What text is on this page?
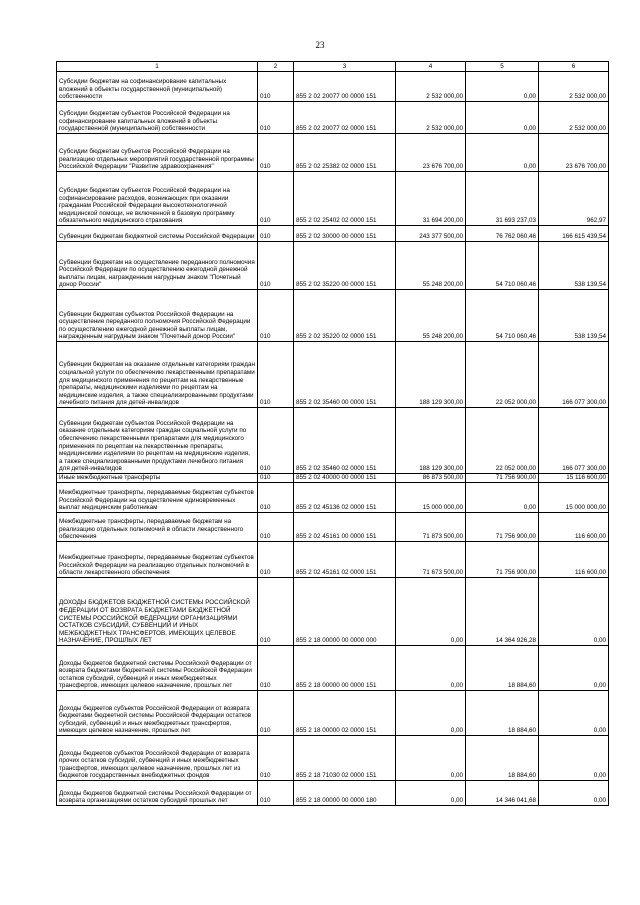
23
1	2	3	4	5	6
Субсидии бюджетам на софинансирование капитальных вложений в объекты государственной (муниципальной) собственности	010	855 2 02 20077 00 0000 151	2 532 000,00	0,00	2 532 000,00
Субсидии бюджетам субъектов Российской Федерации на софинансирование капитальных вложений в объекты государственной (муниципальной) собственности	010	855 2 02 20077 02 0000 151	2 532 000,00	0,00	2 532 000,00
Субсидии бюджетам субъектов Российской Федерации на реализацию отдельных мероприятий государственной программы Российской Федерации "Развитие здравоохранения"	010	855 2 02 25382 02 0000 151	23 676 700,00	0,00	23 676 700,00
Субсидии бюджетам субъектов Российской Федерации на софинансирование расходов, возникающих при оказании гражданам Российской Федерации высокотехнологичной медицинской помощи, не включенной в базовую программу обязательного медицинского страхования	010	855 2 02 25402 02 0000 151	31 694 200,00	31 693 237,03	962,97
Субвенции бюджетам бюджетной системы Российской Федерации	010	855 2 02 30000 00 0000 151	243 377 500,00	76 762 060,46	166 615 439,54
Субвенции бюджетам на осуществление переданного полномочия Российской Федерации по осуществлению ежегодной денежной выплаты лицам, награжденным нагрудным знаком "Почетный донор России"	010	855 2 02 35220 00 0000 151	55 248 200,00	54 710 060,46	538 139,54
Субвенции бюджетам субъектов Российской Федерации на осуществление переданного полномочия Российской Федерации по осуществлению ежегодной денежной выплаты лицам, награжденным нагрудным знаком "Почетный донор России"	010	855 2 02 35220 02 0000 151	55 248 200,00	54 710 060,46	538 139,54
Субвенции бюджетам на оказание отдельным категориям граждан социальной услуги по обеспечению лекарственными препаратами для медицинского применения по рецептам на лекарственные препараты, медицинскими изделиями по рецептам на медицинские изделия, а также специализированными продуктами лечебного питания для детей-инвалидов	010	855 2 02 35460 00 0000 151	188 129 300,00	22 052 000,00	166 077 300,00
Субвенции бюджетам субъектов Российской Федерации на оказание отдельным категориям граждан социальной услуги по обеспечению лекарственными препаратами для медицинского применения по рецептам на лекарственные препараты, медицинскими изделиями по рецептам на медицинские изделия, а также специализированными продуктами лечебного питания для детей-инвалидов	010	855 2 02 35460 02 0000 151	188 129 300,00	22 052 000,00	166 077 300,00
Иные межбюджетные трансферты	010	855 2 02 40000 00 0000 151	86 873 500,00	71 756 900,00	15 116 600,00
Межбюджетные трансферты, передаваемые бюджетам субъектов Российской Федерации на осуществление единовременных выплат медицинским работникам	010	855 2 02 45136 02 0000 151	15 000 000,00	0,00	15 000 000,00
Межбюджетные трансферты, передаваемые бюджетам на реализацию отдельных полномочий в области лекарственного обеспечения	010	855 2 02 45161 00 0000 151	71 873 500,00	71 756 900,00	116 600,00
Межбюджетные трансферты, передаваемые бюджетам субъектов Российской Федерации на реализацию отдельных полномочий в области лекарственного обеспечения	010	855 2 02 45161 02 0000 151	71 673 500,00	71 756 900,00	116 600,00
ДОХОДЫ БЮДЖЕТОВ БЮДЖЕТНОЙ СИСТЕМЫ РОССИЙСКОЙ ФЕДЕРАЦИИ ОТ ВОЗВРАТА БЮДЖЕТАМИ БЮДЖЕТНОЙ СИСТЕМЫ РОССИЙСКОЙ ФЕДЕРАЦИИ ОРГАНИЗАЦИЯМИ ОСТАТКОВ СУБСИДИЙ, СУБВЕНЦИЙ И ИНЫХ МЕЖБЮДЖЕТНЫХ ТРАНСФЕРТОВ, ИМЕЮЩИХ ЦЕЛЕВОЕ НАЗНАЧЕНИЕ, ПРОШЛЫХ ЛЕТ	010	855 2 18 00000 00 0000 000	0,00	14 364 926,28	0,00
Доходы бюджетов бюджетной системы Российской Федерации от возврата бюджетами бюджетной системы Российской Федерации остатков субсидий, субвенций и иных межбюджетных трансфертов, имеющих целевое назначение, прошлых лет	010	855 2 18 00000 00 0000 151	0,00	18 884,60	0,00
Доходы бюджетов субъектов Российской Федерации от возврата бюджетами бюджетной системы Российской Федерации остатков субсидий, субвенций и иных межбюджетных трансфертов, имеющих целевое назначение, прошлых лет	010	855 2 18 00000 02 0000 151	0,00	18 884,60	0,00
Доходы бюджетов субъектов Российской Федерации от возврата прочих остатков субсидий, субвенций и иных межбюджетных трансфертов, имеющих целевое назначение, прошлых лет из бюджетов государственных внебюджетных фондов	010	855 2 18 71030 02 0000 151	0,00	18 884,60	0,00
Доходы бюджетов бюджетной системы Российской Федерации от возврата организациями остатков субсидий прошлых лет	010	855 2 18 00000 00 0000 180	0,00	14 346 041,68	0,00
